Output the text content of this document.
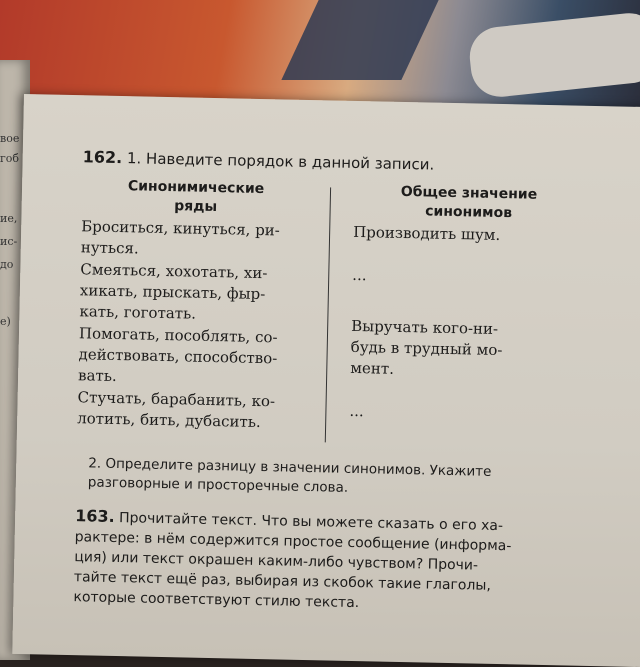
вое
гоб
ие,
ис-
до
e)
162. 1. Наведите порядок в данной записи.
Синонимические
ряды
Броситься, кинуться, ри-
нуться.
Смеяться, хохотать, хи-
хикать, прыскать, фыр-
кать, гоготать.
Помогать, пособлять, со-
действовать, способство-
вать.
Стучать, барабанить, ко-
лотить, бить, дубасить.
Общее значение
синонимов
Производить шум.
...
Выручать кого-ни-
будь в трудный мо-
мент.
...
2. Определите разницу в значении синонимов. Укажите
разговорные и просторечные слова.
163. Прочитайте текст. Что вы можете сказать о его ха-
рактере: в нём содержится простое сообщение (информа-
ция) или текст окрашен каким-либо чувством? Прочи-
тайте текст ещё раз, выбирая из скобок такие глаголы,
которые соответствуют стилю текста.
